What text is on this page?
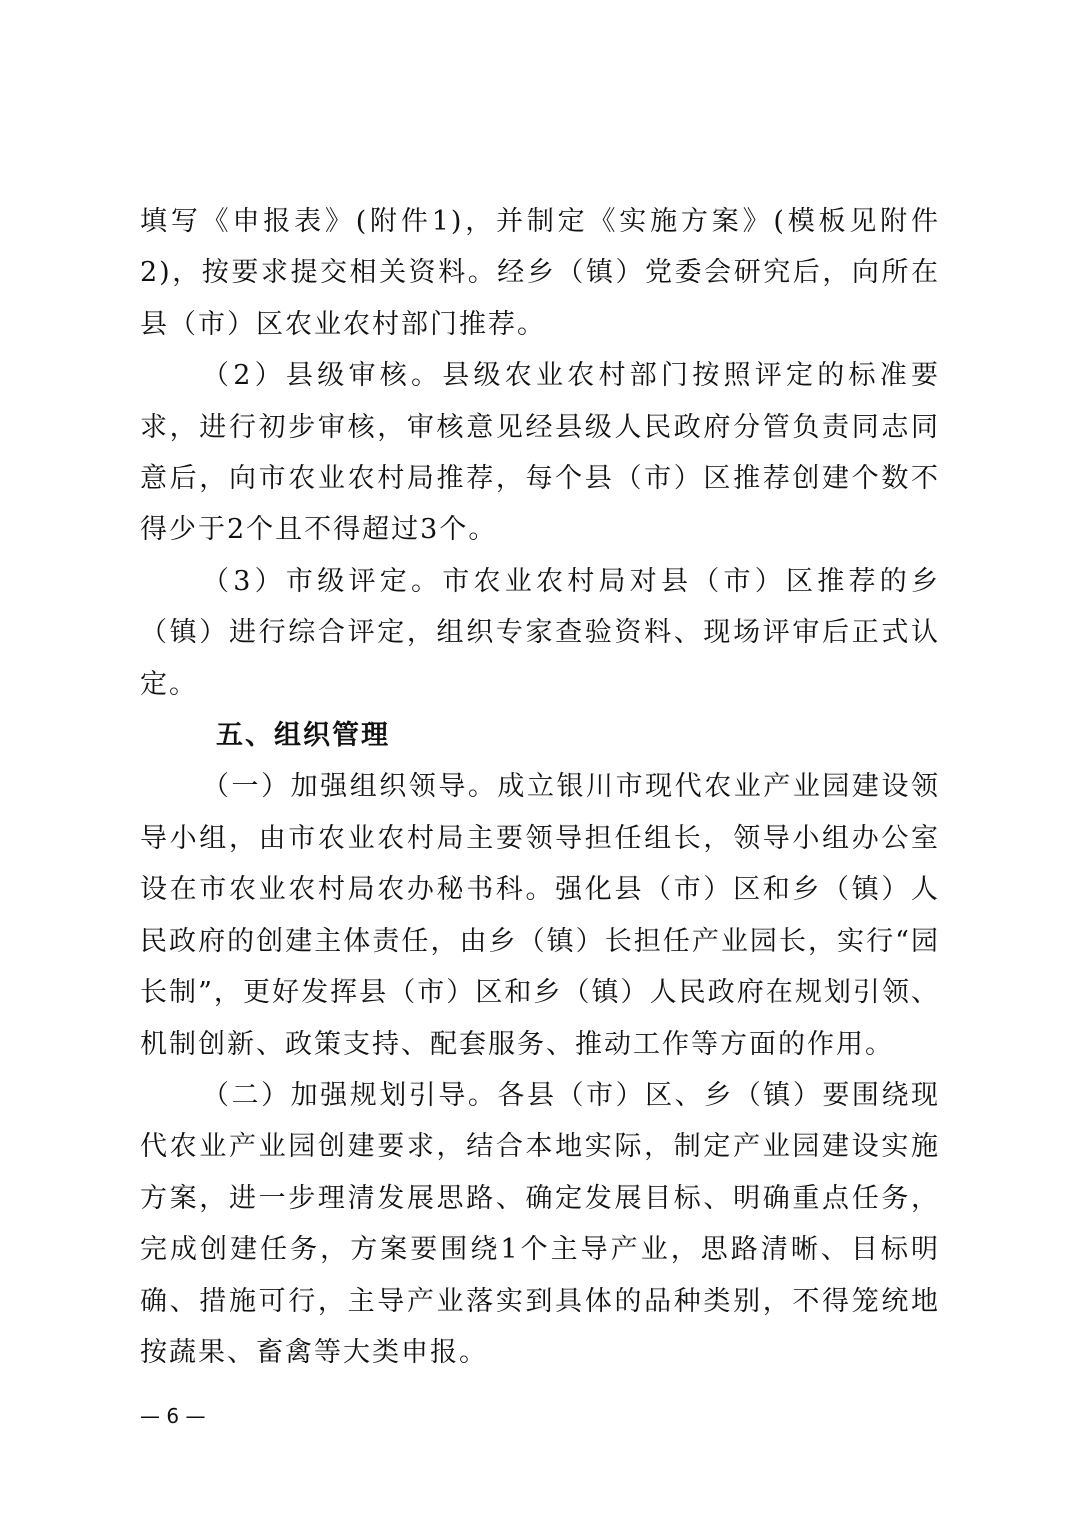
填写《申报表》(附件1)，并制定《实施方案》(模板见附件2)，按要求提交相关资料。经乡（镇）党委会研究后，向所在县（市）区农业农村部门推荐。

（2）县级审核。县级农业农村部门按照评定的标准要求，进行初步审核，审核意见经县级人民政府分管负责同志同意后，向市农业农村局推荐，每个县（市）区推荐创建个数不得少于2个且不得超过3个。

（3）市级评定。市农业农村局对县（市）区推荐的乡（镇）进行综合评定，组织专家查验资料、现场评审后正式认定。

五、组织管理

（一）加强组织领导。成立银川市现代农业产业园建设领导小组，由市农业农村局主要领导担任组长，领导小组办公室设在市农业农村局农办秘书科。强化县（市）区和乡（镇）人民政府的创建主体责任，由乡（镇）长担任产业园长，实行“园长制”，更好发挥县（市）区和乡（镇）人民政府在规划引领、机制创新、政策支持、配套服务、推动工作等方面的作用。

（二）加强规划引导。各县（市）区、乡（镇）要围绕现代农业产业园创建要求，结合本地实际，制定产业园建设实施方案，进一步理清发展思路、确定发展目标、明确重点任务，完成创建任务，方案要围绕1个主导产业，思路清晰、目标明确、措施可行，主导产业落实到具体的品种类别，不得笼统地按蔬果、畜禽等大类申报。

— 6 —
